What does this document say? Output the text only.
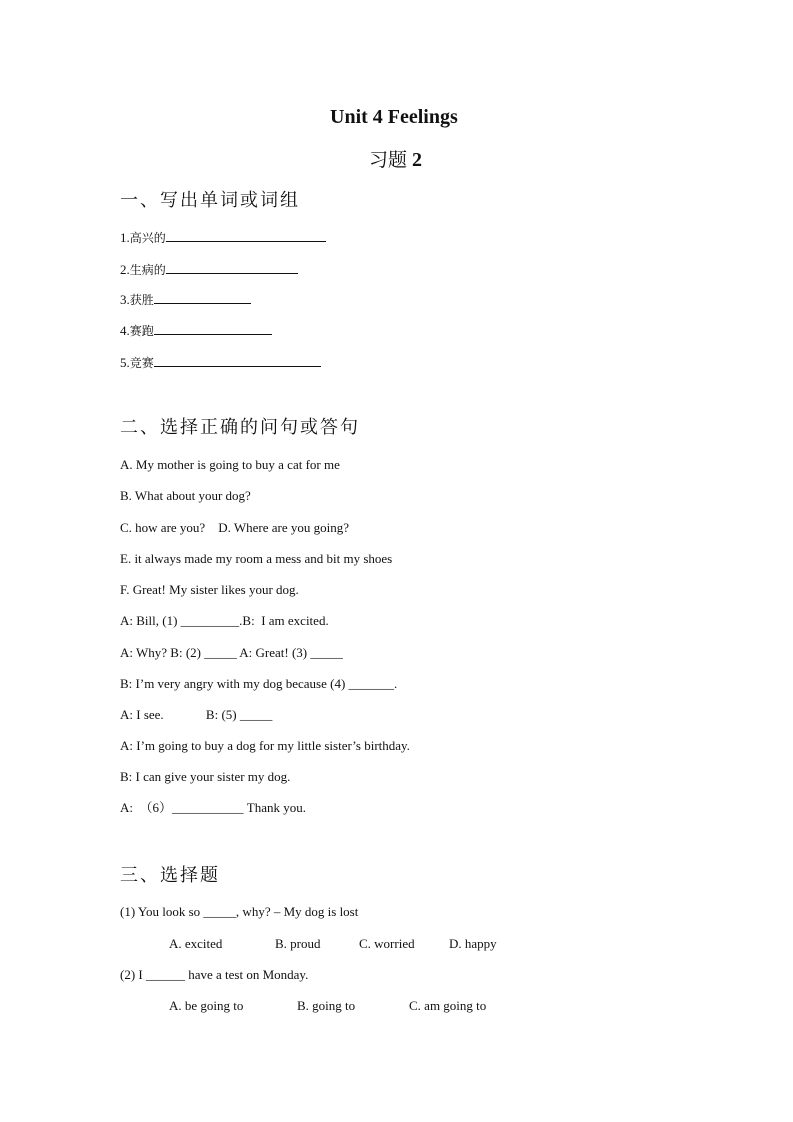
Unit 4 Feelings
习题 2
一、写出单词或词组
1.高兴的
2.生病的
3.获胜
4.赛跑
5.竞赛
二、选择正确的问句或答句
A. My mother is going to buy a cat for me
B. What about your dog?
C. how are you?    D. Where are you going?
E. it always made my room a mess and bit my shoes
F. Great! My sister likes your dog.
A: Bill, (1) _________.B:  I am excited.
A: Why? B: (2) _____ A: Great! (3) _____
B: I’m very angry with my dog because (4) _______.
A: I see.             B: (5) _____
A: I’m going to buy a dog for my little sister’s birthday.
B: I can give your sister my dog.
A:  （6）___________ Thank you.
三、选择题
(1) You look so _____, why? – My dog is lost
A. excited	B. proud	C. worried	D. happy
(2) I ______ have a test on Monday.
A. be going to	B. going to	C. am going to
